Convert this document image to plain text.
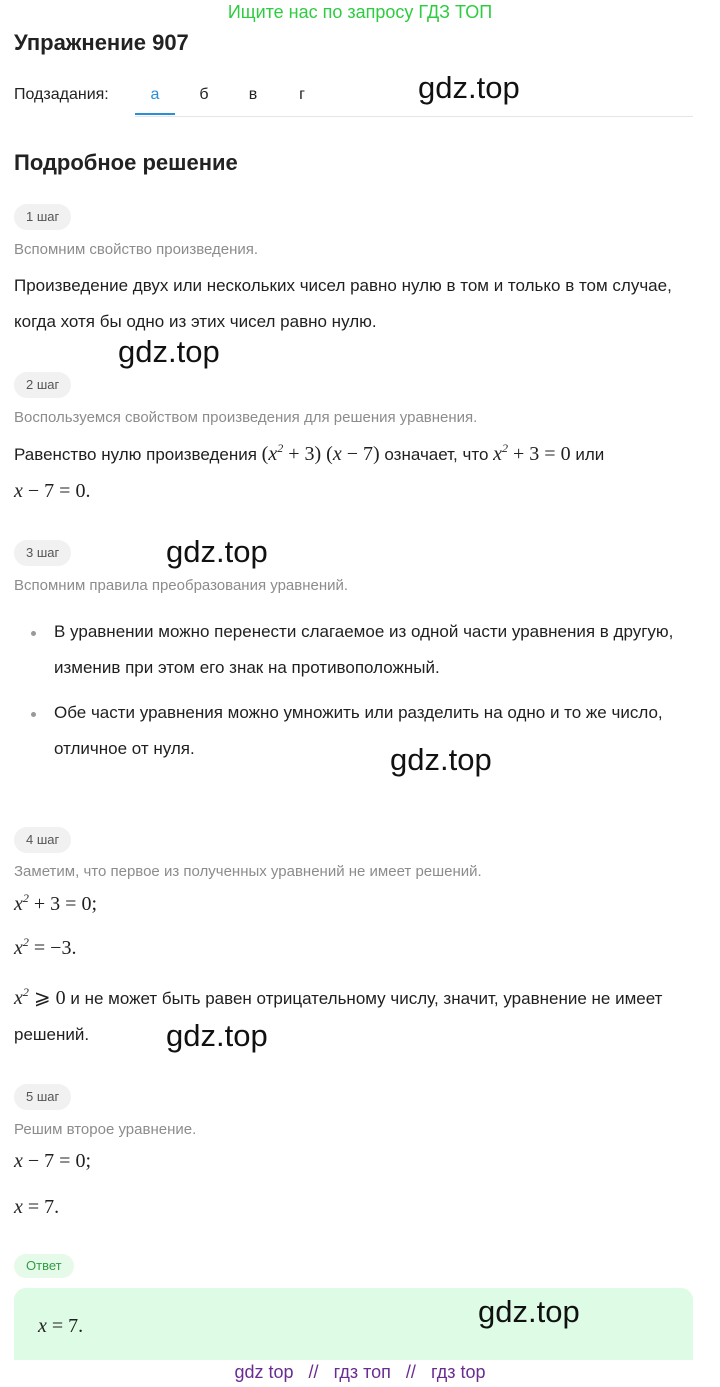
Ищите нас по запросу ГДЗ ТОП
Упражнение 907
Подзадания:	а	б	в	г	gdz.top
Подробное решение
1 шаг
Вспомним свойство произведения.
Произведение двух или нескольких чисел равно нулю в том и только в том случае, когда хотя бы одно из этих чисел равно нулю.
gdz.top
2 шаг
Воспользуемся свойством произведения для решения уравнения.
Равенство нулю произведения $(x^2 + 3) (x - 7)$ означает, что $x^2 + 3 = 0$ или
x − 7 = 0.
3 шаг	gdz.top
Вспомним правила преобразования уравнений.
В уравнении можно перенести слагаемое из одной части уравнения в другую, изменив при этом его знак на противоположный.
Обе части уравнения можно умножить или разделить на одно и то же число, отличное от нуля.	gdz.top
4 шаг
Заметим, что первое из полученных уравнений не имеет решений.
$x^2 + 3 = 0$;
$x^2 = -3$.
$x^2$ ⩾ 0 и не может быть равен отрицательному числу, значит, уравнение не имеет решений.	gdz.top
5 шаг
Решим второе уравнение.
x − 7 = 0;
x = 7.
Ответ
x = 7.	gdz.top
gdz top // гдз топ // гдз top
